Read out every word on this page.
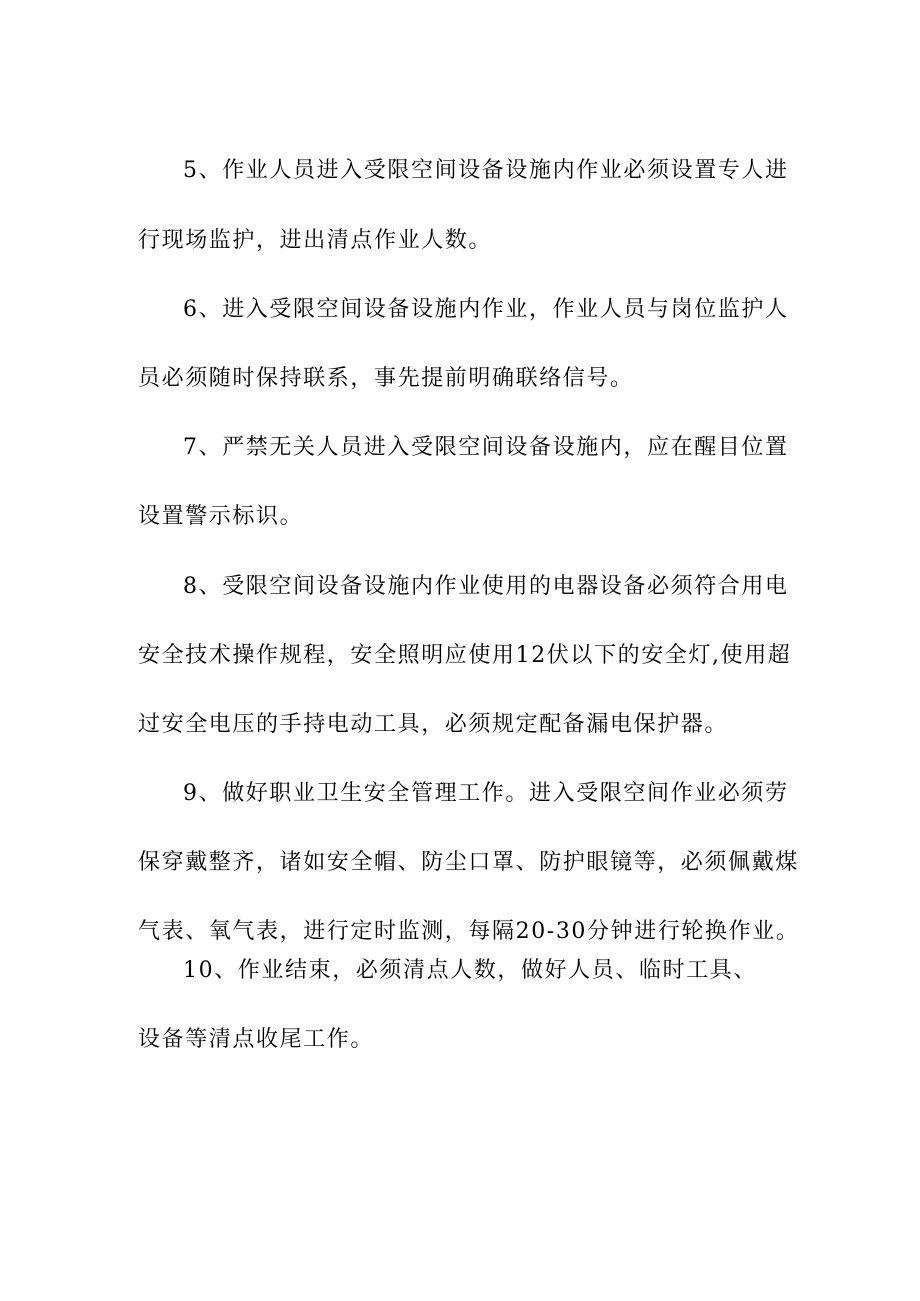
5、作业人员进入受限空间设备设施内作业必须设置专人进
行现场监护，进出清点作业人数。
6、进入受限空间设备设施内作业，作业人员与岗位监护人
员必须随时保持联系，事先提前明确联络信号。
7、严禁无关人员进入受限空间设备设施内，应在醒目位置
设置警示标识。
8、受限空间设备设施内作业使用的电器设备必须符合用电
安全技术操作规程，安全照明应使用12伏以下的安全灯,使用超
过安全电压的手持电动工具，必须规定配备漏电保护器。
9、做好职业卫生安全管理工作。进入受限空间作业必须劳
保穿戴整齐，诸如安全帽、防尘口罩、防护眼镜等，必须佩戴煤
气表、氧气表，进行定时监测，每隔20-30分钟进行轮换作业。
10、作业结束，必须清点人数，做好人员、临时工具、
设备等清点收尾工作。
